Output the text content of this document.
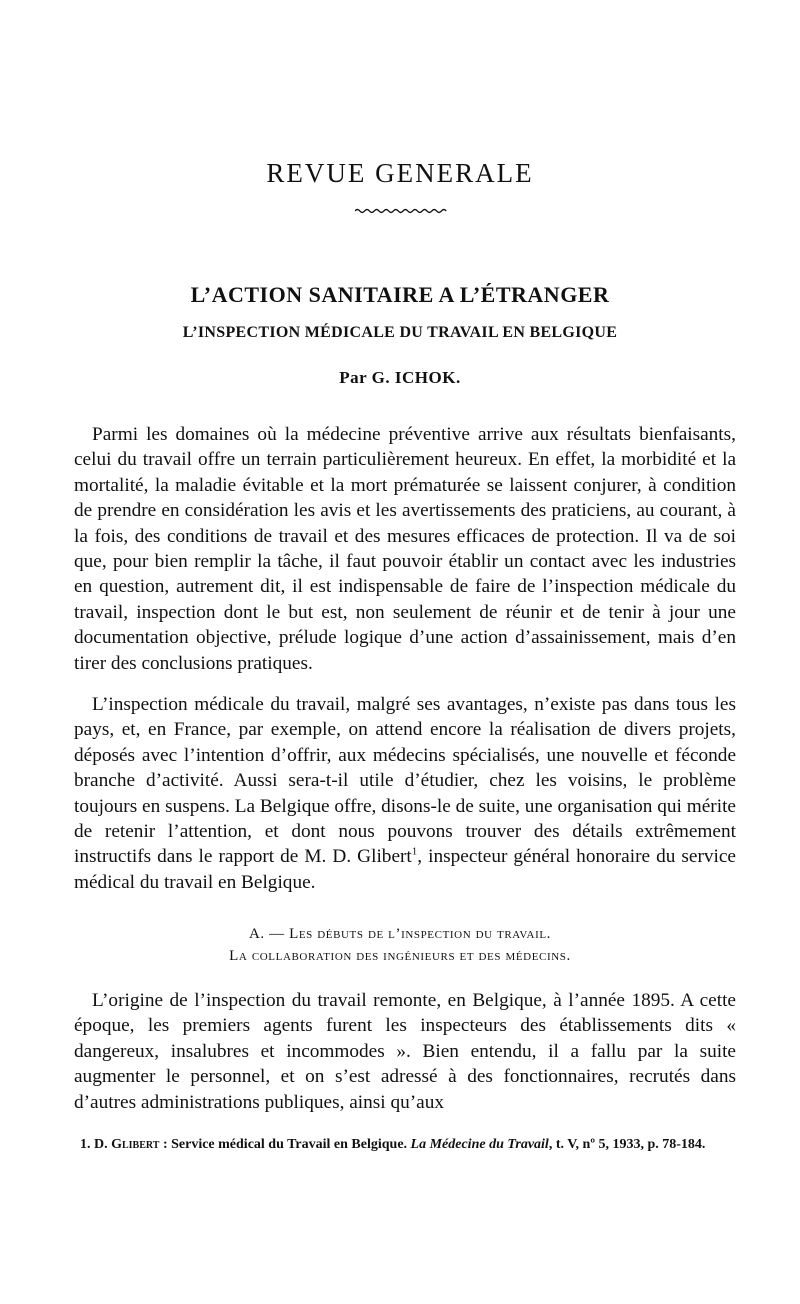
REVUE GENERALE
L’ACTION SANITAIRE A L’ÉTRANGER
L’INSPECTION MÉDICALE DU TRAVAIL EN BELGIQUE
Par G. ICHOK.

Parmi les domaines où la médecine préventive arrive aux résultats bienfaisants, celui du travail offre un terrain particulièrement heureux. En effet, la morbidité et la mortalité, la maladie évitable et la mort prématurée se laissent conjurer, à condition de prendre en considération les avis et les avertissements des praticiens, au courant, à la fois, des conditions de travail et des mesures efficaces de protection. Il va de soi que, pour bien remplir la tâche, il faut pouvoir établir un contact avec les industries en question, autrement dit, il est indispensable de faire de l’inspection médicale du travail, inspection dont le but est, non seulement de réunir et de tenir à jour une documentation objective, prélude logique d’une action d’assainissement, mais d’en tirer des conclusions pratiques.

L’inspection médicale du travail, malgré ses avantages, n’existe pas dans tous les pays, et, en France, par exemple, on attend encore la réalisation de divers projets, déposés avec l’intention d’offrir, aux médecins spécialisés, une nouvelle et féconde branche d’activité. Aussi sera-t-il utile d’étudier, chez les voisins, le problème toujours en suspens. La Belgique offre, disons-le de suite, une organisation qui mérite de retenir l’attention, et dont nous pouvons trouver des détails extrêmement instructifs dans le rapport de M. D. Glibert$^1$, inspecteur général honoraire du service médical du travail en Belgique.

A. — Les débuts de l’inspection du travail.
La collaboration des ingénieurs et des médecins.

L’origine de l’inspection du travail remonte, en Belgique, à l’année 1895. A cette époque, les premiers agents furent les inspecteurs des établissements dits « dangereux, insalubres et incommodes ». Bien entendu, il a fallu par la suite augmenter le personnel, et on s’est adressé à des fonctionnaires, recrutés dans d’autres administrations publiques, ainsi qu’aux

1. D. Glibert : Service médical du Travail en Belgique. La Médecine du Travail, t. V, nº 5, 1933, p. 78-184.
